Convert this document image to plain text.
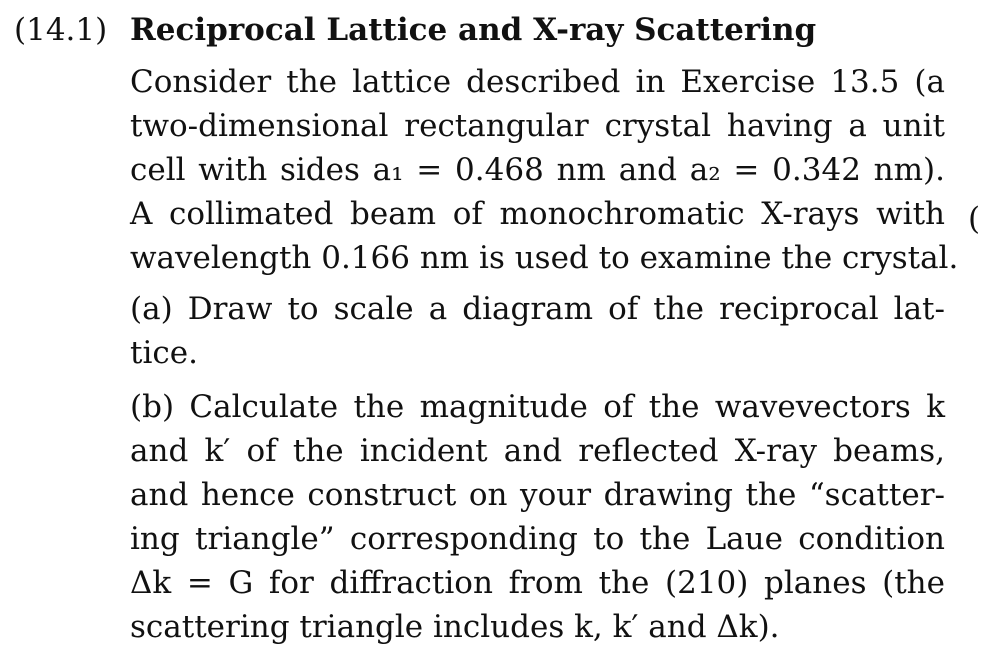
(14.1) Reciprocal Lattice and X-ray Scattering
Consider the lattice described in Exercise 13.5 (a
two-dimensional rectangular crystal having a unit
cell with sides a₁ = 0.468 nm and a₂ = 0.342 nm).
A collimated beam of monochromatic X-rays with
wavelength 0.166 nm is used to examine the crystal.
(a) Draw to scale a diagram of the reciprocal lat-
tice.
(b) Calculate the magnitude of the wavevectors k
and k′ of the incident and reflected X-ray beams,
and hence construct on your drawing the “scatter-
ing triangle” corresponding to the Laue condition
Δk = G for diffraction from the (210) planes (the
scattering triangle includes k, k′ and Δk).
(
